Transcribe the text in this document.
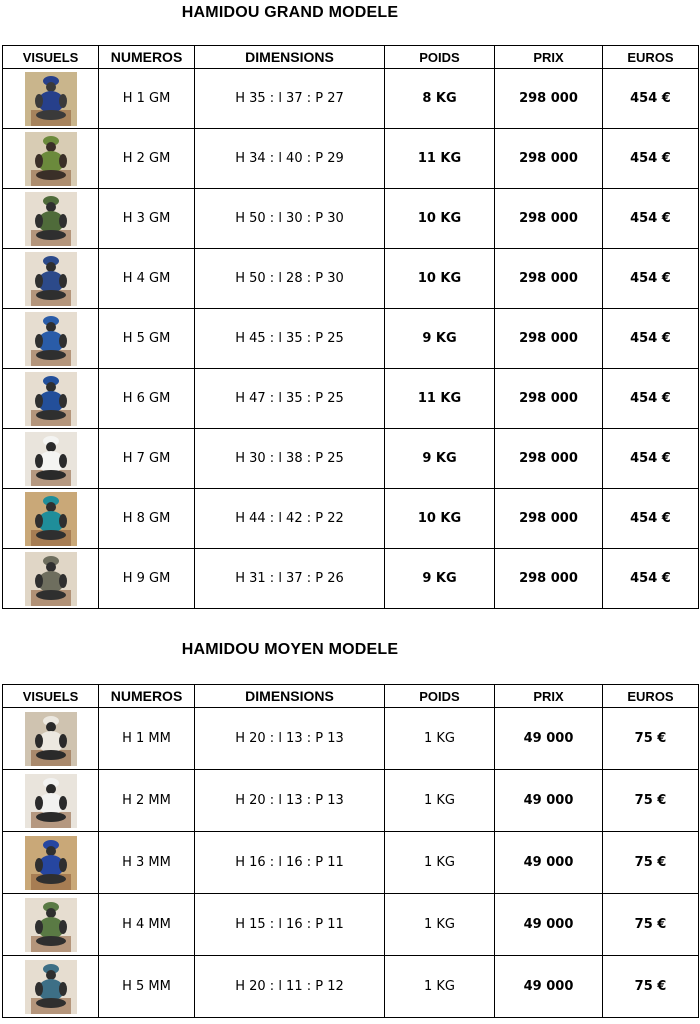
HAMIDOU GRAND MODELE
VISUELS	NUMEROS	DIMENSIONS	POIDS	PRIX	EUROS

	H 1 GM	H 35 : l 37 : P 27	8 KG	298 000	454 €

	H 2 GM	H 34 : l 40 : P 29	11 KG	298 000	454 €

	H 3 GM	H 50 : l 30 : P 30	10 KG	298 000	454 €

	H 4 GM	H 50 : l 28 : P 30	10 KG	298 000	454 €

	H 5 GM	H 45 : l 35 : P 25	9 KG	298 000	454 €

	H 6 GM	H 47 : l 35 : P 25	11 KG	298 000	454 €

	H 7 GM	H 30 : l 38 : P 25	9 KG	298 000	454 €

	H 8 GM	H 44 : l 42 : P 22	10 KG	298 000	454 €

	H 9 GM	H 31 : l 37 : P 26	9 KG	298 000	454 €
HAMIDOU MOYEN MODELE
VISUELS	NUMEROS	DIMENSIONS	POIDS	PRIX	EUROS

	H 1 MM	H 20 : l 13 : P 13	1 KG	49 000	75 €

	H 2 MM	H 20 : l 13 : P 13	1 KG	49 000	75 €

	H 3 MM	H 16 : l 16 : P 11	1 KG	49 000	75 €

	H 4 MM	H 15 : l 16 : P 11	1 KG	49 000	75 €

	H 5 MM	H 20 : l 11 : P 12	1 KG	49 000	75 €
